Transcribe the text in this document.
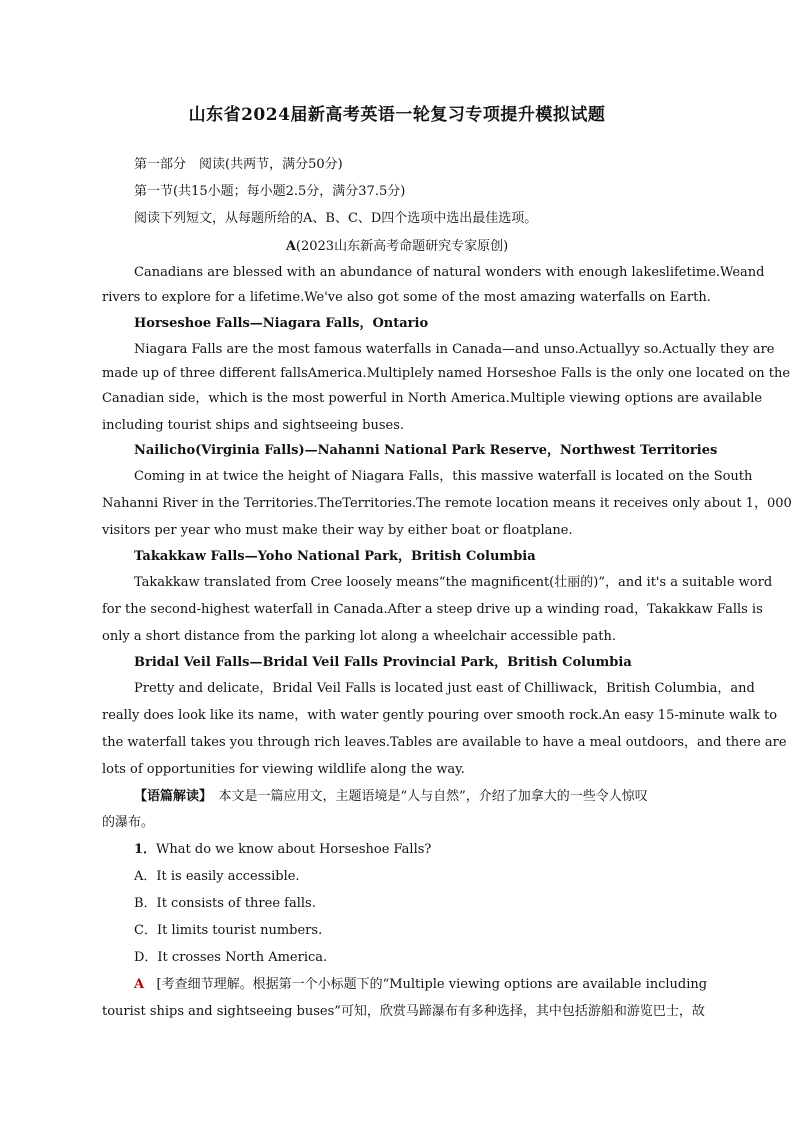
山东省2024届新高考英语一轮复习专项提升模拟试题
第一部分　阅读(共两节，满分50分)
第一节(共15小题；每小题2.5分，满分37.5分)
阅读下列短文，从每题所给的A、B、C、D四个选项中选出最佳选项。
A(2023山东新高考命题研究专家原创)
Canadians are blessed with an abundance of natural wonders with enough lakeslifetime.Weand
rivers to explore for a lifetime.We've also got some of the most amazing waterfalls on Earth.
Horseshoe Falls—Niagara Falls，Ontario
Niagara Falls are the most famous waterfalls in Canada—and unso.Actuallyy so.Actually they are
made up of three different fallsAmerica.Multiplely named Horseshoe Falls is the only one located on the
Canadian side，which is the most powerful in North America.Multiple viewing options are available
including tourist ships and sightseeing buses.
Nailicho(Virginia Falls)—Nahanni National Park Reserve，Northwest Territories
Coming in at twice the height of Niagara Falls，this massive waterfall is located on the South
Nahanni River in the Territories.TheTerritories.The remote location means it receives only about 1，000
visitors per year who must make their way by either boat or floatplane.
Takakkaw Falls—Yoho National Park，British Columbia
Takakkaw translated from Cree loosely means“the magnificent(壮丽的)”，and it's a suitable word
for the second-highest waterfall in Canada.After a steep drive up a winding road，Takakkaw Falls is
only a short distance from the parking lot along a wheelchair accessible path.
Bridal Veil Falls—Bridal Veil Falls Provincial Park，British Columbia
Pretty and delicate，Bridal Veil Falls is located just east of Chilliwack，British Columbia，and
really does look like its name，with water gently pouring over smooth rock.An easy 15-minute walk to
the waterfall takes you through rich leaves.Tables are available to have a meal outdoors，and there are
lots of opportunities for viewing wildlife along the way.
【语篇解读】　本文是一篇应用文，主题语境是“人与自然”，介绍了加拿大的一些令人惊叹
的瀑布。
1．What do we know about Horseshoe Falls?
A．It is easily accessible.
B．It consists of three falls.
C．It limits tourist numbers.
D．It crosses North America.
A [考查细节理解。根据第一个小标题下的“Multiple viewing options are available including
tourist ships and sightseeing buses”可知，欣赏马蹄瀑布有多种选择，其中包括游船和游览巴士，故
